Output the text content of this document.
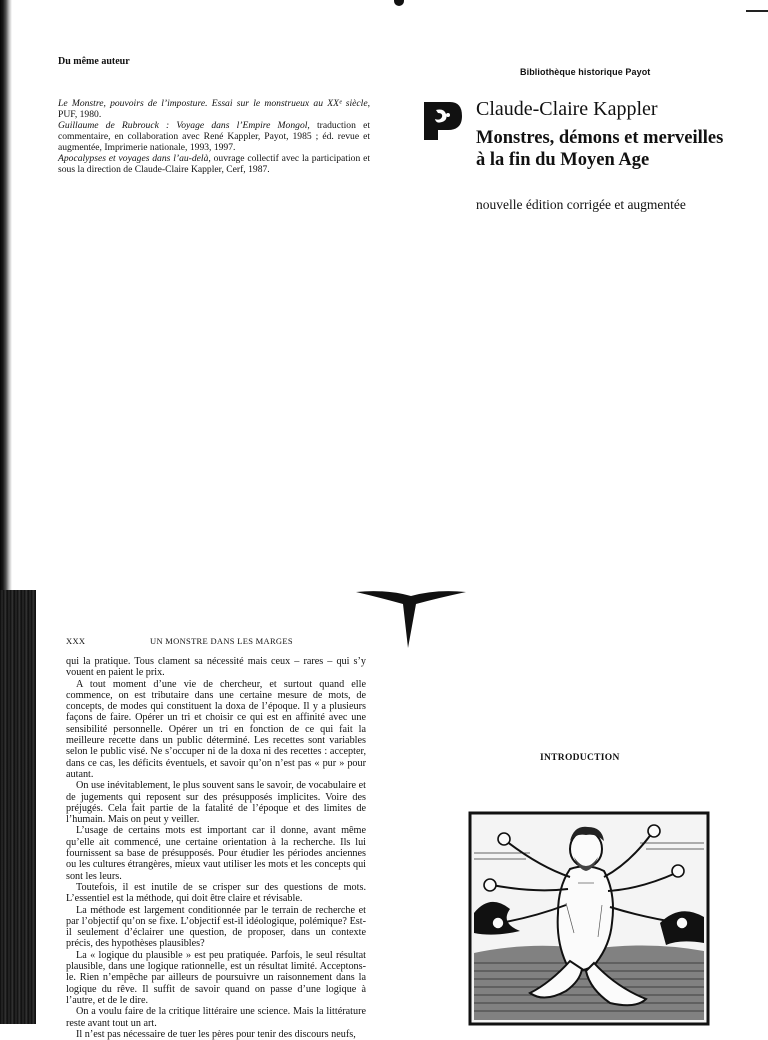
Du même auteur

Le Monstre, pouvoirs de l’imposture. Essai sur le monstrueux au XXᵉ siècle, PUF, 1980.

Guillaume de Rubrouck : Voyage dans l’Empire Mongol, traduction et commentaire, en collaboration avec René Kappler, Payot, 1985 ; éd. revue et augmentée, Imprimerie nationale, 1993, 1997.

Apocalypses et voyages dans l’au-delà, ouvrage collectif avec la participation et sous la direction de Claude-Claire Kappler, Cerf, 1987.

Bibliothèque historique Payot
Claude-Claire Kappler
Monstres, démons et merveilles
à la fin du Moyen Age
nouvelle édition corrigée et augmentée
XXX	UN MONSTRE DANS LES MARGES

qui la pratique. Tous clament sa nécessité mais ceux – rares – qui s’y vouent en paient le prix.

A tout moment d’une vie de chercheur, et surtout quand elle commence, on est tributaire dans une certaine mesure de mots, de concepts, de modes qui constituent la doxa de l’époque. Il y a plusieurs façons de faire. Opérer un tri et choisir ce qui est en affinité avec une sensibilité personnelle. Opérer un tri en fonction de ce qui fait la meilleure recette dans un public déterminé. Les recettes sont variables selon le public visé. Ne s’occuper ni de la doxa ni des recettes : accepter, dans ce cas, les déficits éventuels, et savoir qu’on n’est pas « pur » pour autant.

On use inévitablement, le plus souvent sans le savoir, de vocabulaire et de jugements qui reposent sur des présupposés implicites. Voire des préjugés. Cela fait partie de la fatalité de l’époque et des limites de l’humain. Mais on peut y veiller.

L’usage de certains mots est important car il donne, avant même qu’elle ait commencé, une certaine orientation à la recherche. Ils lui fournissent sa base de présupposés. Pour étudier les périodes anciennes ou les cultures étrangères, mieux vaut utiliser les mots et les concepts qui sont les leurs.

Toutefois, il est inutile de se crisper sur des questions de mots. L’essentiel est la méthode, qui doit être claire et révisable.

La méthode est largement conditionnée par le terrain de recherche et par l’objectif qu’on se fixe. L’objectif est-il idéologique, polémique? Est-il seulement d’éclairer une question, de proposer, dans un contexte précis, des hypothèses plausibles?

La « logique du plausible » est peu pratiquée. Parfois, le seul résultat plausible, dans une logique rationnelle, est un résultat limité. Acceptons-le. Rien n’empêche par ailleurs de poursuivre un raisonnement dans la logique du rêve. Il suffit de savoir quand on passe d’une logique à l’autre, et de le dire.

On a voulu faire de la critique littéraire une science. Mais la littérature reste avant tout un art.

Il n’est pas nécessaire de tuer les pères pour tenir des discours neufs,

INTRODUCTION
